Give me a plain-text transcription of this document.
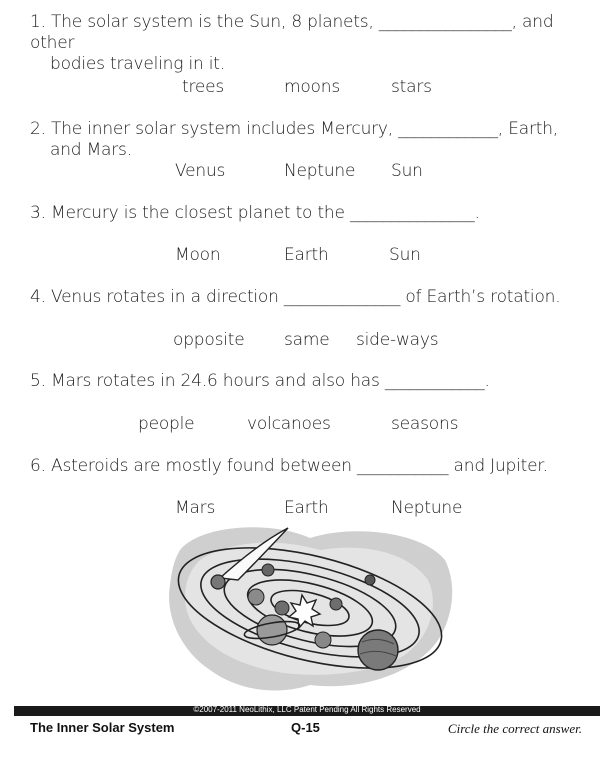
1. The solar system is the Sun, 8 planets, ________________, and other
bodies traveling in it.
trees	moons	stars
2. The inner solar system includes Mercury, ____________, Earth,
and Mars.
Venus	Neptune Sun
3. Mercury is the closest planet to the _______________.
Moon	Earth	Sun
4. Venus rotates in a direction ______________ of Earth’s rotation.
opposite same side-ways
5. Mars rotates in 24.6 hours and also has ____________.
people	volcanoes	seasons
6. Asteroids are mostly found between ___________ and Jupiter.
Mars	Earth	Neptune
©2007-2011 NeoLithix, LLC Patent Pending All Rights Reserved
The Inner Solar System	Q-15	Circle the correct answer.
